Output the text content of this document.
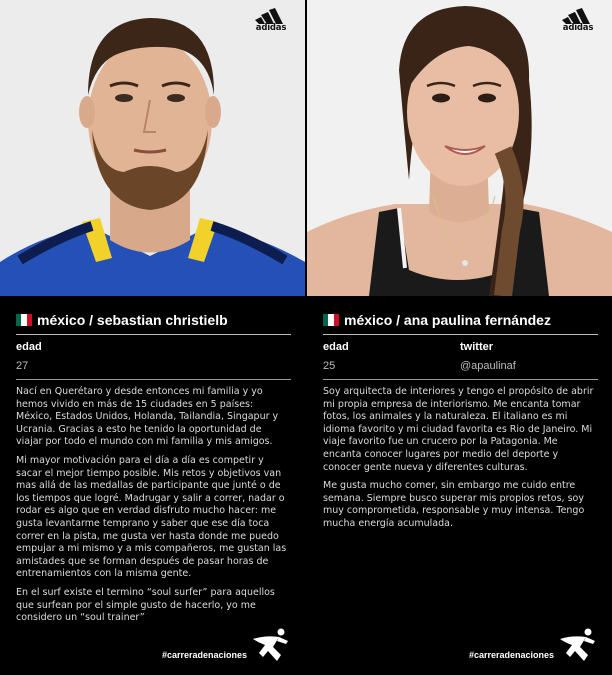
adidas
méxico / sebastian christielb
edad
27

Nací en Querétaro y desde entonces mi familia y yo hemos vivido en más de 15 ciudades en 5 países: México, Estados Unidos, Holanda, Tailandia, Singapur y Ucrania. Gracias a esto he tenido la oportunidad de viajar por todo el mundo con mi familia y mis amigos.

Mi mayor motivación para el día a día es competir y sacar el mejor tiempo posible. Mis retos y objetivos van mas allá de las medallas de participante que junté o de los tiempos que logré. Madrugar y salir a correr, nadar o rodar es algo que en verdad disfruto mucho hacer: me gusta levantarme temprano y saber que ese día toca correr en la pista, me gusta ver hasta donde me puedo empujar a mi mismo y a mis compañeros, me gustan las amistades que se forman después de pasar horas de entrenamientos con la misma gente.

En el surf existe el termino “soul surfer” para aquellos que surfean por el simple gusto de hacerlo, yo me considero un “soul trainer”

#carreradenaciones
adidas
méxico / ana paulina fernández
edad
25
twitter
@apaulinaf

Soy arquitecta de interiores y tengo el propósito de abrir mi propia empresa de interiorismo. Me encanta tomar fotos, los animales y la naturaleza. El italiano es mi idioma favorito y mi ciudad favorita es Rio de Janeiro. Mi viaje favorito fue un crucero por la Patagonia. Me encanta conocer lugares por medio del deporte y conocer gente nueva y diferentes culturas.

Me gusta mucho comer, sin embargo me cuido entre semana. Siempre busco superar mis propios retos, soy muy comprometida, responsable y muy intensa. Tengo mucha energía acumulada.

#carreradenaciones
